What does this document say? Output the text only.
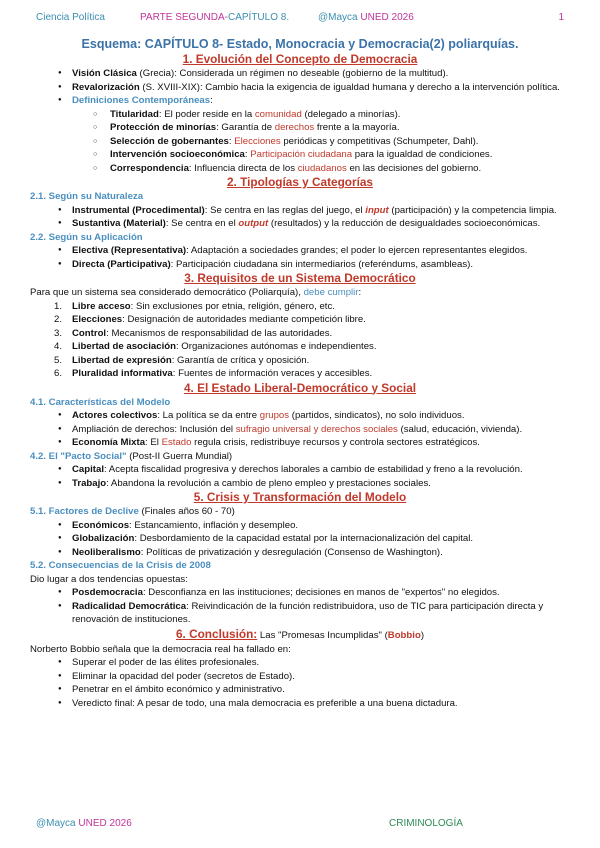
Ciencia Política	PARTE SEGUNDA-CAPÍTULO 8.	@Mayca UNED 2026	1
Esquema: CAPÍTULO 8- Estado, Monocracia y Democracia(2) poliarquías.
1. Evolución del Concepto de Democracia
● Visión Clásica (Grecia): Considerada un régimen no deseable (gobierno de la multitud).
● Revalorización (S. XVIII-XIX): Cambio hacia la exigencia de igualdad humana y derecho a la intervención política.
● Definiciones Contemporáneas:
○ Titularidad: El poder reside en la comunidad (delegado a minorías).
○ Protección de minorías: Garantía de derechos frente a la mayoría.
○ Selección de gobernantes: Elecciones periódicas y competitivas (Schumpeter, Dahl).
○ Intervención socioeconómica: Participación ciudadana para la igualdad de condiciones.
○ Correspondencia: Influencia directa de los ciudadanos en las decisiones del gobierno.
2. Tipologías y Categorías
2.1. Según su Naturaleza
● Instrumental (Procedimental): Se centra en las reglas del juego, el input (participación) y la competencia limpia.
● Sustantiva (Material): Se centra en el output (resultados) y la reducción de desigualdades socioeconómicas.
2.2. Según su Aplicación
● Electiva (Representativa): Adaptación a sociedades grandes; el poder lo ejercen representantes elegidos.
● Directa (Participativa): Participación ciudadana sin intermediarios (referéndums, asambleas).
3. Requisitos de un Sistema Democrático

Para que un sistema sea considerado democrático (Poliarquía), debe cumplir:

1. Libre acceso: Sin exclusiones por etnia, religión, género, etc.
2. Elecciones: Designación de autoridades mediante competición libre.
3. Control: Mecanismos de responsabilidad de las autoridades.
4. Libertad de asociación: Organizaciones autónomas e independientes.
5. Libertad de expresión: Garantía de crítica y oposición.
6. Pluralidad informativa: Fuentes de información veraces y accesibles.
4. El Estado Liberal-Democrático y Social
4.1. Características del Modelo
● Actores colectivos: La política se da entre grupos (partidos, sindicatos), no solo individuos.
● Ampliación de derechos: Inclusión del sufragio universal y derechos sociales (salud, educación, vivienda).
● Economía Mixta: El Estado regula crisis, redistribuye recursos y controla sectores estratégicos.
4.2. El "Pacto Social" (Post-II Guerra Mundial)
● Capital: Acepta fiscalidad progresiva y derechos laborales a cambio de estabilidad y freno a la revolución.
● Trabajo: Abandona la revolución a cambio de pleno empleo y prestaciones sociales.
5. Crisis y Transformación del Modelo
5.1. Factores de Declive (Finales años 60 - 70)
● Económicos: Estancamiento, inflación y desempleo.
● Globalización: Desbordamiento de la capacidad estatal por la internacionalización del capital.
● Neoliberalismo: Políticas de privatización y desregulación (Consenso de Washington).
5.2. Consecuencias de la Crisis de 2008

Dio lugar a dos tendencias opuestas:

● Posdemocracia: Desconfianza en las instituciones; decisiones en manos de "expertos" no elegidos.
● Radicalidad Democrática: Reivindicación de la función redistribuidora, uso de TIC para participación directa y renovación de instituciones.
6. Conclusión: Las "Promesas Incumplidas" (Bobbio)

Norberto Bobbio señala que la democracia real ha fallado en:

● Superar el poder de las élites profesionales.
● Eliminar la opacidad del poder (secretos de Estado).
● Penetrar en el ámbito económico y administrativo.
● Veredicto final: A pesar de todo, una mala democracia es preferible a una buena dictadura.
@Mayca UNED 2026	CRIMINOLOGÍA
